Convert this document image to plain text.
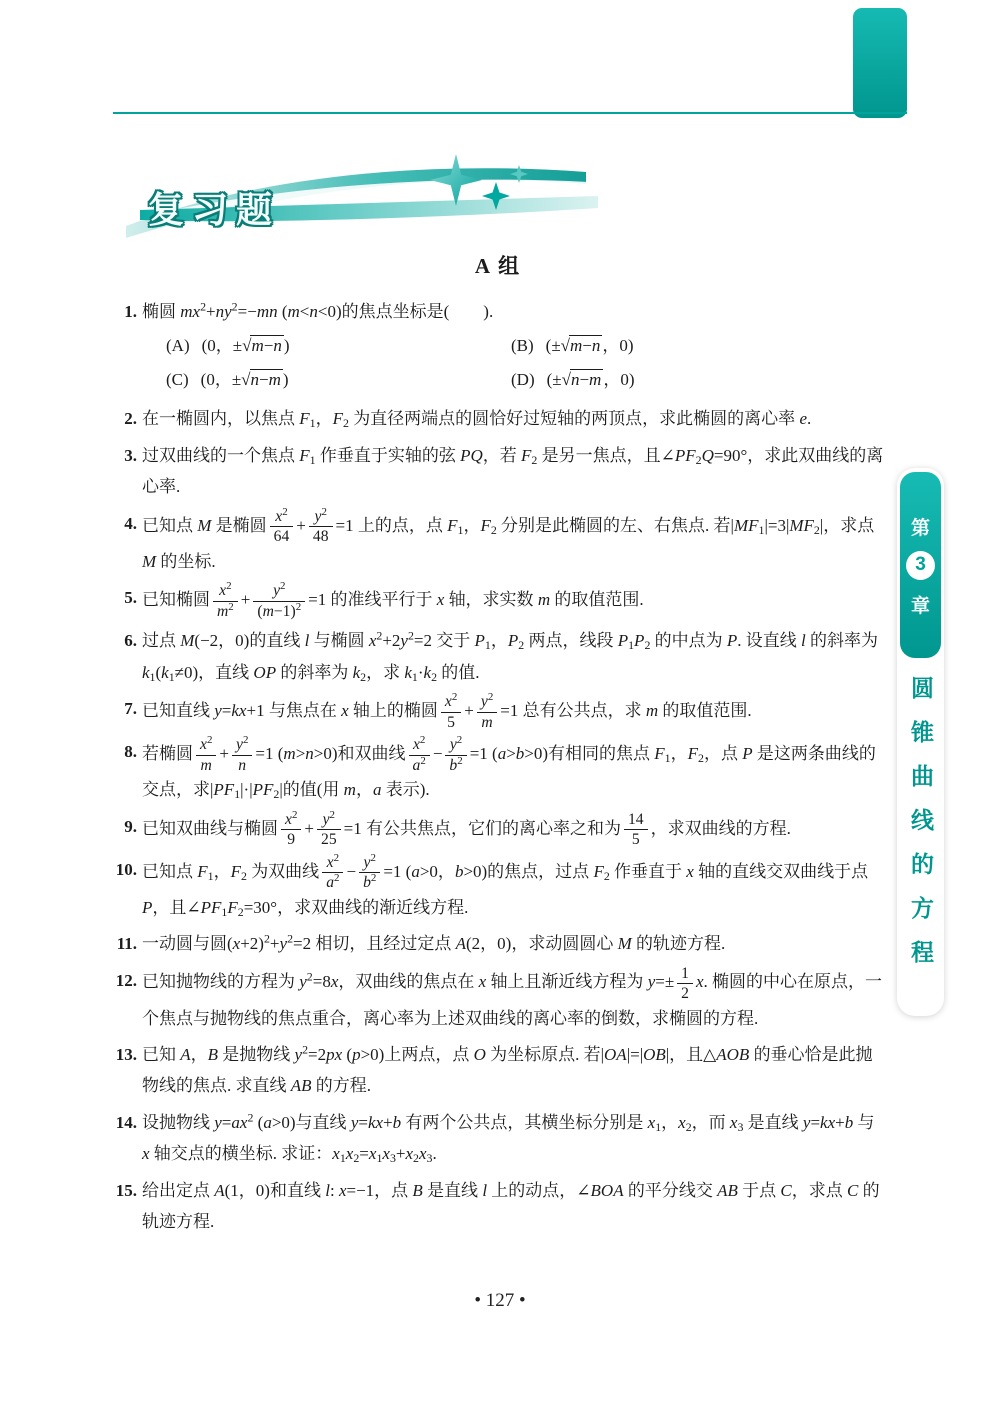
复习题
A 组
1. 椭圆 $mx^2+ny^2=-mn$ (m<n<0)的焦点坐标是(　　).
(A) (0，±√m−n )	(B) (±√m−n ，0)
(C) (0，±√n−m )	(D) (±√n−m ，0)
2. 在一椭圆内，以焦点 $F_1$，$F_2$ 为直径两端点的圆恰好过短轴的两顶点，求此椭圆的离心率 e.
3. 过双曲线的一个焦点 $F_1$ 作垂直于实轴的弦 PQ，若 $F_2$ 是另一焦点，且$\angle PF_2Q=90^\circ$，求此双曲线的离心率.
4. 已知点 M 是椭圆 $\frac{x^2}{64} + \frac{y^2}{48} =1$ 上的点，点 $F_1$，$F_2$ 分别是此椭圆的左、右焦点. 若$|MF_1|=3|MF_2|$，求点 M 的坐标.
5. 已知椭圆 $\frac{x^2}{m^2} + \frac{y^2}{(m-1)^2} =1$ 的准线平行于 x 轴，求实数 m 的取值范围.
6. 过点 M(−2，0)的直线 l 与椭圆 $x^2+2y^2=2$ 交于 $P_1$，$P_2$ 两点，线段 $P_1P_2$ 的中点为 P. 设直线 l 的斜率为 $k_1(k_1\ne 0)$，直线 OP 的斜率为 $k_2$，求 $k_1\cdot k_2$ 的值.
7. 已知直线 y=kx+1 与焦点在 x 轴上的椭圆 $\frac{x^2}{5} + \frac{y^2}{m} =1$ 总有公共点，求 m 的取值范围.
8. 若椭圆 $\frac{x^2}{m} + \frac{y^2}{n} =1$ (m>n>0)和双曲线 $\frac{x^2}{a^2} - \frac{y^2}{b^2} =1$ (a>b>0)有相同的焦点 $F_1$，$F_2$，点 P 是这两条曲线的交点，求$|PF_1|\cdot|PF_2|$的值(用 m，a 表示).
9. 已知双曲线与椭圆 $\frac{x^2}{9} + \frac{y^2}{25} =1$ 有公共焦点，它们的离心率之和为 $\frac{14}{5}$ ，求双曲线的方程.
10. 已知点 $F_1$，$F_2$ 为双曲线 $\frac{x^2}{a^2} - \frac{y^2}{b^2} =1$ (a>0，b>0)的焦点，过点 $F_2$ 作垂直于 x 轴的直线交双曲线于点 P，且$\angle PF_1F_2=30^\circ$，求双曲线的渐近线方程.
11. 一动圆与圆$(x+2)^2+y^2=2$ 相切，且经过定点 A(2，0)，求动圆圆心 M 的轨迹方程.
12. 已知抛物线的方程为 $y^2=8x$，双曲线的焦点在 x 轴上且渐近线方程为 $y=\pm \frac{1}{2} x$. 椭圆的中心在原点，一个焦点与抛物线的焦点重合，离心率为上述双曲线的离心率的倒数，求椭圆的方程.
13. 已知 A，B 是抛物线 $y^2=2px$ (p>0)上两点，点 O 为坐标原点. 若|OA|=|OB|，且△AOB 的垂心恰是此抛物线的焦点. 求直线 AB 的方程.
14. 设抛物线 $y=ax^2$ (a>0)与直线 y=kx+b 有两个公共点，其横坐标分别是 $x_1$，$x_2$，而 $x_3$ 是直线 y=kx+b 与 x 轴交点的横坐标. 求证：$x_1x_2=x_1x_3+x_2x_3$.
15. 给出定点 A(1，0)和直线 l: x=−1，点 B 是直线 l 上的动点，∠BOA 的平分线交 AB 于点 C，求点 C 的轨迹方程.
第
3
章
圆锥曲线的方程
• 127 •
